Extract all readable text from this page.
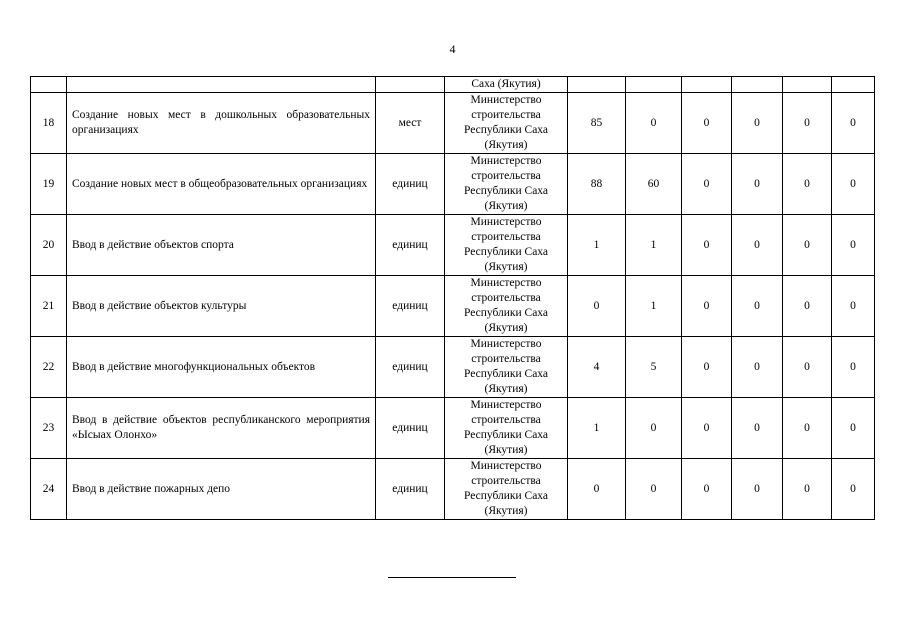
4
			Саха (Якутия)						
18	Создание новых мест в дошкольных образовательных организациях	мест	Министерство строительства Республики Саха (Якутия)	85	0	0	0	0	0
19	Создание новых мест в общеобразовательных организациях	единиц	Министерство строительства Республики Саха (Якутия)	88	60	0	0	0	0
20	Ввод в действие объектов спорта	единиц	Министерство строительства Республики Саха (Якутия)	1	1	0	0	0	0
21	Ввод в действие объектов культуры	единиц	Министерство строительства Республики Саха (Якутия)	0	1	0	0	0	0
22	Ввод в действие многофункциональных объектов	единиц	Министерство строительства Республики Саха (Якутия)	4	5	0	0	0	0
23	Ввод в действие объектов республиканского мероприятия «Ысыах Олонхо»	единиц	Министерство строительства Республики Саха (Якутия)	1	0	0	0	0	0
24	Ввод в действие пожарных депо	единиц	Министерство строительства Республики Саха (Якутия)	0	0	0	0	0	0
